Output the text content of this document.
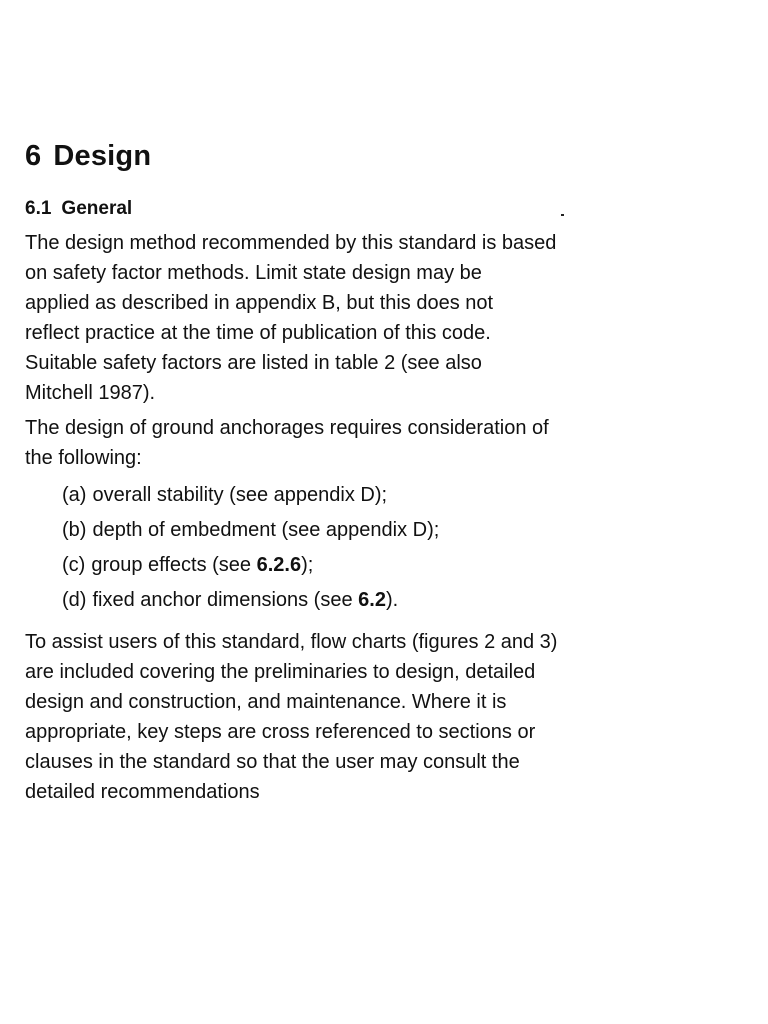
6 Design
6.1 General

The design method recommended by this standard is based
on safety factor methods. Limit state design may be
applied as described in appendix B, but this does not
reflect practice at the time of publication of this code.
Suitable safety factors are listed in table 2 (see also
Mitchell 1987).

The design of ground anchorages requires consideration of
the following:

(a) overall stability (see appendix D);
(b) depth of embedment (see appendix D);
(c) group effects (see 6.2.6);
(d) fixed anchor dimensions (see 6.2).

To assist users of this standard, flow charts (figures 2 and 3)
are included covering the preliminaries to design, detailed
design and construction, and maintenance. Where it is
appropriate, key steps are cross referenced to sections or
clauses in the standard so that the user may consult the
detailed recommendations
